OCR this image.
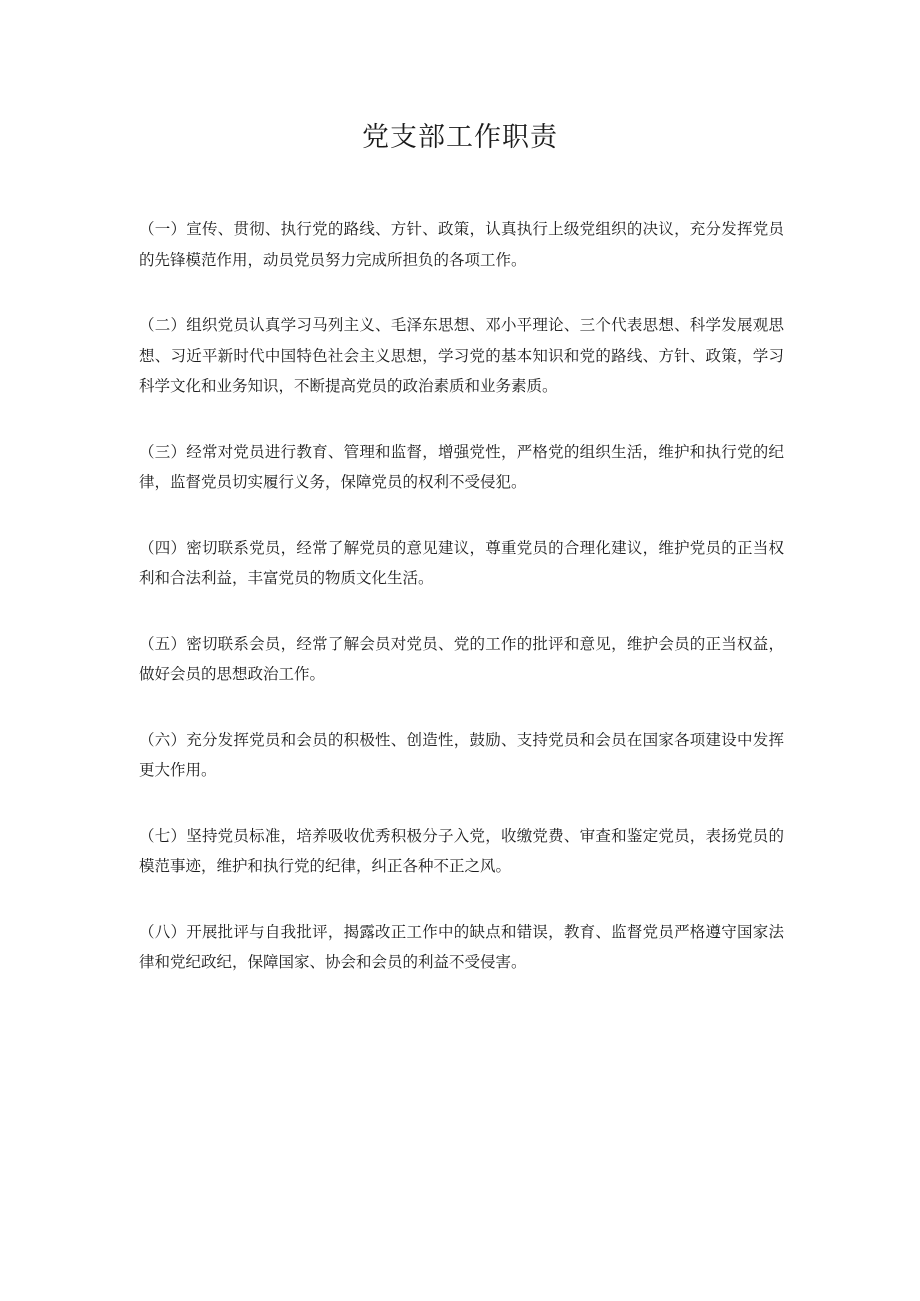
党支部工作职责
（一）宣传、贯彻、执行党的路线、方针、政策，认真执行上级党组织的决议，充分发挥党员的先锋模范作用，动员党员努力完成所担负的各项工作。
（二）组织党员认真学习马列主义、毛泽东思想、邓小平理论、三个代表思想、科学发展观思想、习近平新时代中国特色社会主义思想，学习党的基本知识和党的路线、方针、政策，学习科学文化和业务知识，不断提高党员的政治素质和业务素质。
（三）经常对党员进行教育、管理和监督，增强党性，严格党的组织生活，维护和执行党的纪律，监督党员切实履行义务，保障党员的权利不受侵犯。
（四）密切联系党员，经常了解党员的意见建议，尊重党员的合理化建议，维护党员的正当权利和合法利益，丰富党员的物质文化生活。
（五）密切联系会员，经常了解会员对党员、党的工作的批评和意见，维护会员的正当权益，做好会员的思想政治工作。
（六）充分发挥党员和会员的积极性、创造性，鼓励、支持党员和会员在国家各项建设中发挥更大作用。
（七）坚持党员标准，培养吸收优秀积极分子入党，收缴党费、审查和鉴定党员，表扬党员的模范事迹，维护和执行党的纪律，纠正各种不正之风。
（八）开展批评与自我批评，揭露改正工作中的缺点和错误，教育、监督党员严格遵守国家法律和党纪政纪，保障国家、协会和会员的利益不受侵害。
